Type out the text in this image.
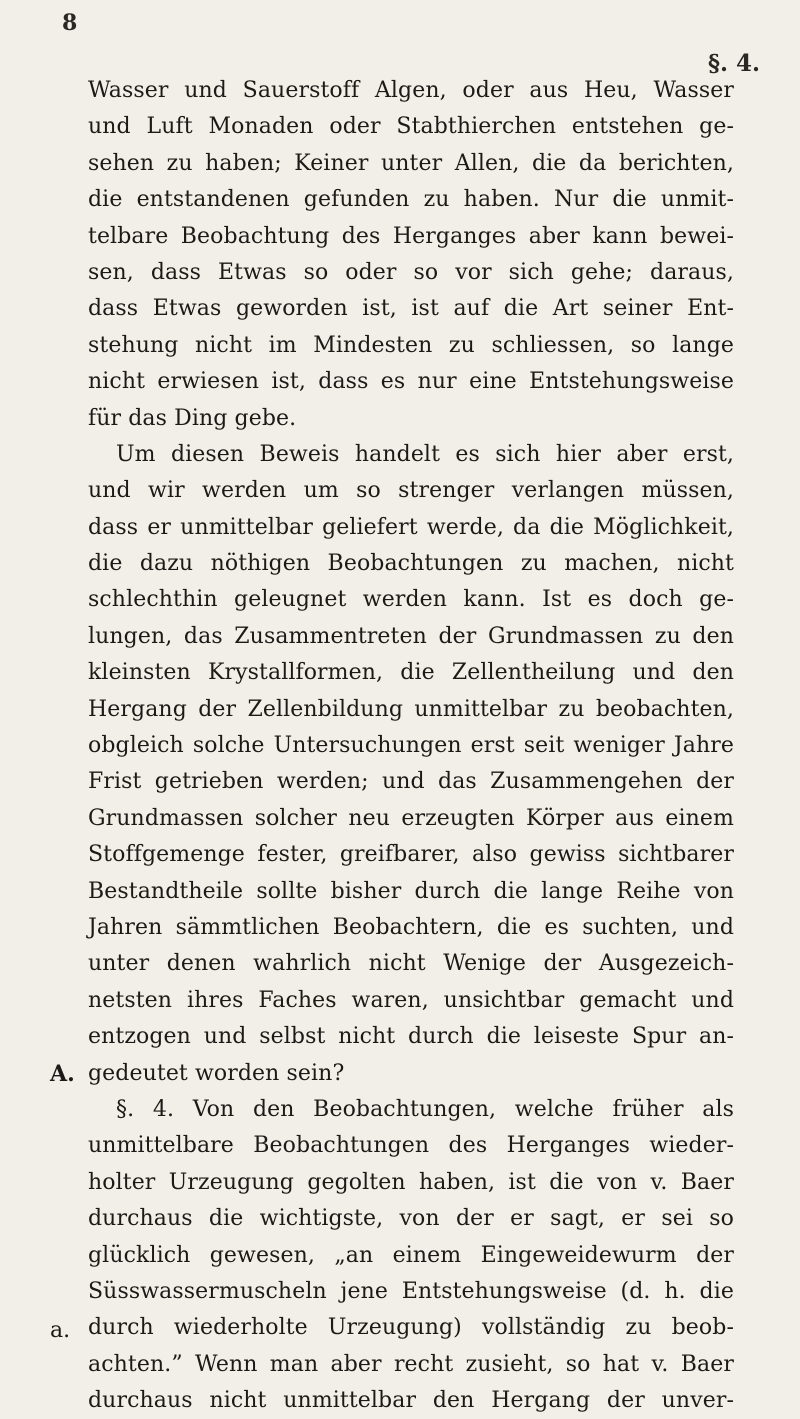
8
§. 4.
A.
a.
Wasser und Sauerstoff Algen, oder aus Heu, Wasser
und Luft Monaden oder Stabthierchen entstehen ge-
sehen zu haben; Keiner unter Allen, die da berichten,
die entstandenen gefunden zu haben. Nur die unmit-
telbare Beobachtung des Herganges aber kann bewei-
sen, dass Etwas so oder so vor sich gehe; daraus,
dass Etwas geworden ist, ist auf die Art seiner Ent-
stehung nicht im Mindesten zu schliessen, so lange
nicht erwiesen ist, dass es nur eine Entstehungsweise
für das Ding gebe.
Um diesen Beweis handelt es sich hier aber erst,
und wir werden um so strenger verlangen müssen,
dass er unmittelbar geliefert werde, da die Möglichkeit,
die dazu nöthigen Beobachtungen zu machen, nicht
schlechthin geleugnet werden kann. Ist es doch ge-
lungen, das Zusammentreten der Grundmassen zu den
kleinsten Krystallformen, die Zellentheilung und den
Hergang der Zellenbildung unmittelbar zu beobachten,
obgleich solche Untersuchungen erst seit weniger Jahre
Frist getrieben werden; und das Zusammengehen der
Grundmassen solcher neu erzeugten Körper aus einem
Stoffgemenge fester, greifbarer, also gewiss sichtbarer
Bestandtheile sollte bisher durch die lange Reihe von
Jahren sämmtlichen Beobachtern, die es suchten, und
unter denen wahrlich nicht Wenige der Ausgezeich-
netsten ihres Faches waren, unsichtbar gemacht und
entzogen und selbst nicht durch die leiseste Spur an-
gedeutet worden sein?
§. 4. Von den Beobachtungen, welche früher als
unmittelbare Beobachtungen des Herganges wieder-
holter Urzeugung gegolten haben, ist die von v. Baer
durchaus die wichtigste, von der er sagt, er sei so
glücklich gewesen, „an einem Eingeweidewurm der
Süsswassermuscheln jene Entstehungsweise (d. h. die
durch wiederholte Urzeugung) vollständig zu beob-
achten.” Wenn man aber recht zusieht, so hat v. Baer
durchaus nicht unmittelbar den Hergang der unver-
